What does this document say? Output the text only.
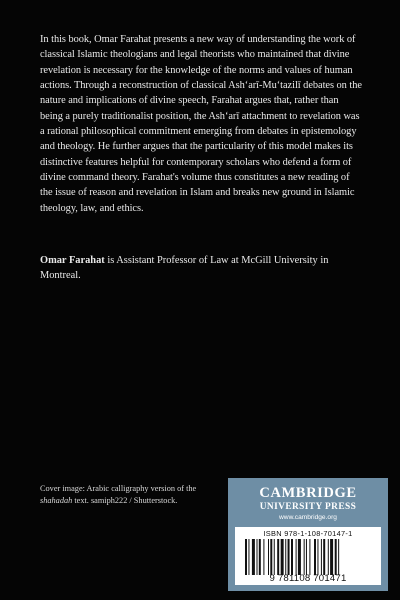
In this book, Omar Farahat presents a new way of understanding the work of classical Islamic theologians and legal theorists who maintained that divine revelation is necessary for the knowledge of the norms and values of human actions. Through a reconstruction of classical Ash‘arī-Mu‘tazilī debates on the nature and implications of divine speech, Farahat argues that, rather than being a purely traditionalist position, the Ash‘arī attachment to revelation was a rational philosophical commitment emerging from debates in epistemology and theology. He further argues that the particularity of this model makes its distinctive features helpful for contemporary scholars who defend a form of divine command theory. Farahat's volume thus constitutes a new reading of the issue of reason and revelation in Islam and breaks new ground in Islamic theology, law, and ethics.

Omar Farahat is Assistant Professor of Law at McGill University in Montreal.

Cover image: Arabic calligraphy version of the
shahadah text. samiph222 / Shutterstock.	CAMBRIDGE
UNIVERSITY PRESS
www.cambridge.org
ISBN 978-1-108-70147-1
9 781108 701471
